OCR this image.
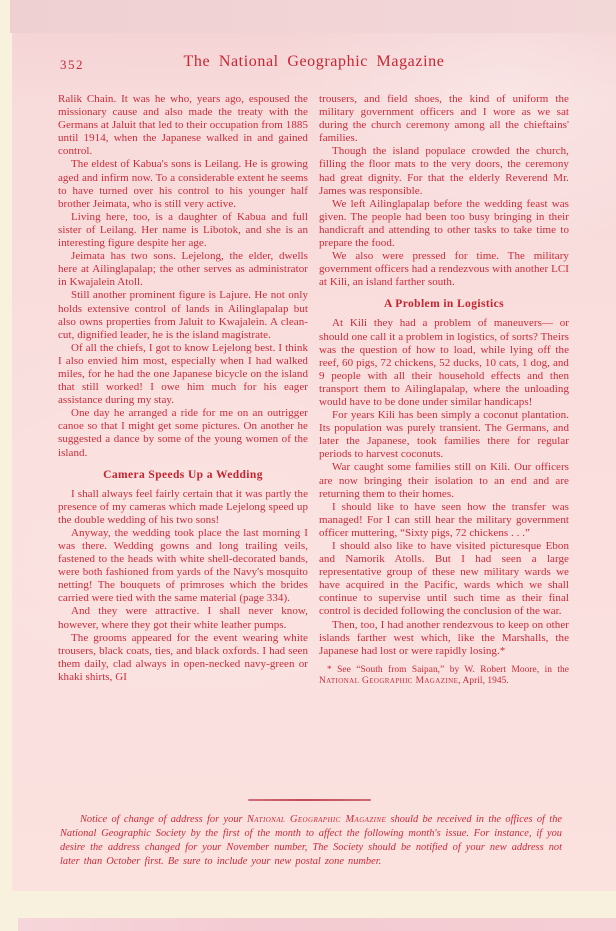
352	The National Geographic Magazine

Ralik Chain. It was he who, years ago, espoused the missionary cause and also made the treaty with the Germans at Jaluit that led to their occupation from 1885 until 1914, when the Japanese walked in and gained control.

The eldest of Kabua's sons is Leilang. He is growing aged and infirm now. To a considerable extent he seems to have turned over his control to his younger half brother Jeimata, who is still very active.

Living here, too, is a daughter of Kabua and full sister of Leilang. Her name is Libotok, and she is an interesting figure despite her age.

Jeimata has two sons. Lejelong, the elder, dwells here at Ailinglapalap; the other serves as administrator in Kwajalein Atoll.

Still another prominent figure is Lajure. He not only holds extensive control of lands in Ailinglapalap but also owns properties from Jaluit to Kwajalein. A clean-cut, dignified leader, he is the island magistrate.

Of all the chiefs, I got to know Lejelong best. I think I also envied him most, especially when I had walked miles, for he had the one Japanese bicycle on the island that still worked! I owe him much for his eager assistance during my stay.

One day he arranged a ride for me on an outrigger canoe so that I might get some pictures. On another he suggested a dance by some of the young women of the island.

Camera Speeds Up a Wedding

I shall always feel fairly certain that it was partly the presence of my cameras which made Lejelong speed up the double wedding of his two sons!

Anyway, the wedding took place the last morning I was there. Wedding gowns and long trailing veils, fastened to the heads with white shell-decorated bands, were both fashioned from yards of the Navy's mosquito netting! The bouquets of primroses which the brides carried were tied with the same material (page 334).

And they were attractive. I shall never know, however, where they got their white leather pumps.

The grooms appeared for the event wearing white trousers, black coats, ties, and black oxfords. I had seen them daily, clad always in open-necked navy-green or khaki shirts, GI

trousers, and field shoes, the kind of uniform the military government officers and I wore as we sat during the church ceremony among all the chieftains' families.

Though the island populace crowded the church, filling the floor mats to the very doors, the ceremony had great dignity. For that the elderly Reverend Mr. James was responsible.

We left Ailinglapalap before the wedding feast was given. The people had been too busy bringing in their handicraft and attending to other tasks to take time to prepare the food.

We also were pressed for time. The military government officers had a rendezvous with another LCI at Kili, an island farther south.

A Problem in Logistics

At Kili they had a problem of maneuvers— or should one call it a problem in logistics, of sorts? Theirs was the question of how to load, while lying off the reef, 60 pigs, 72 chickens, 52 ducks, 10 cats, 1 dog, and 9 people with all their household effects and then transport them to Ailinglapalap, where the unloading would have to be done under similar handicaps!

For years Kili has been simply a coconut plantation. Its population was purely transient. The Germans, and later the Japanese, took families there for regular periods to harvest coconuts.

War caught some families still on Kili. Our officers are now bringing their isolation to an end and are returning them to their homes.

I should like to have seen how the transfer was managed! For I can still hear the military government officer muttering, “Sixty pigs, 72 chickens . . .”

I should also like to have visited picturesque Ebon and Namorik Atolls. But I had seen a large representative group of these new military wards we have acquired in the Pacific, wards which we shall continue to supervise until such time as their final control is decided following the conclusion of the war.

Then, too, I had another rendezvous to keep on other islands farther west which, like the Marshalls, the Japanese had lost or were rapidly losing.*

* See “South from Saipan,” by W. Robert Moore, in the National Geographic Magazine, April, 1945.

Notice of change of address for your National Geographic Magazine should be received in the offices of the National Geographic Society by the first of the month to affect the following month's issue. For instance, if you desire the address changed for your November number, The Society should be notified of your new address not later than October first. Be sure to include your new postal zone number.
